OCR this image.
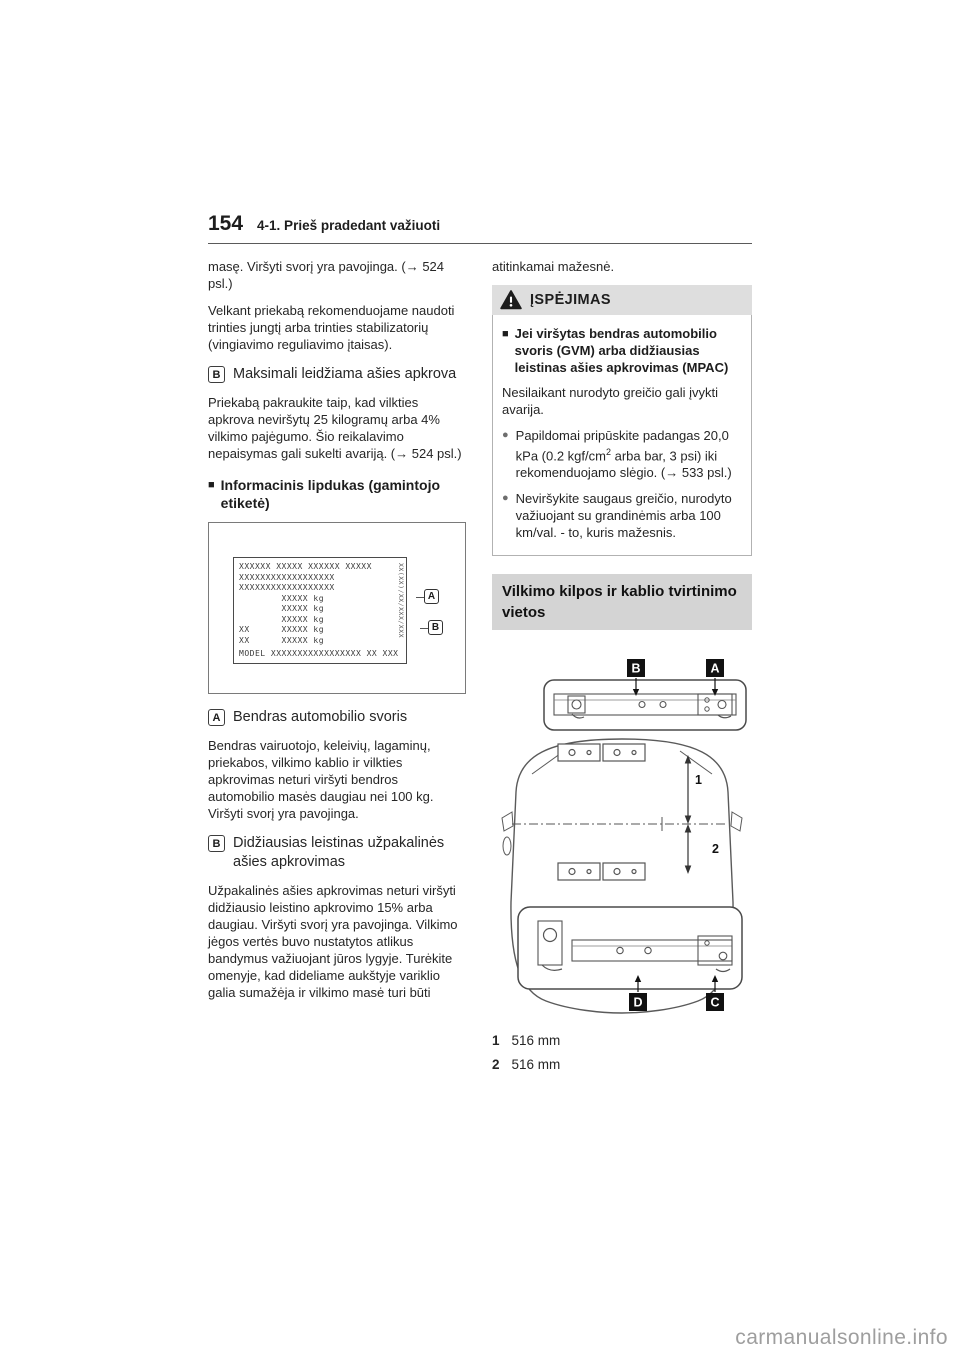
154 4-1. Prieš pradedant važiuoti

masę. Viršyti svorį yra pavojinga. (→ 524 psl.)

Velkant priekabą rekomenduojame naudoti trinties jungtį arba trinties stabilizatorių (vingiavimo reguliavimo įtaisas).

B Maksimali leidžiama ašies apkrova

Priekabą pakraukite taip, kad vilkties apkrova neviršytų 25 kilogramų arba 4% vilkimo pajėgumo. Šio reikalavimo nepaisymas gali sukelti avariją. (→ 524 psl.)

■ Informacinis lipdukas (gamintojo etiketė)
XXXXXX XXXXX XXXXXX XXXXX
XXXXXXXXXXXXXXXXXX
XXXXXXXXXXXXXXXXXX
XXXXX kg
XXXXX kg
XXXXX kg
XX      XXXXX kg
XX      XXXXX kg
MODEL XXXXXXXXXXXXXXXXX XX XXX
XX(XX)/XX/XXX/XXX	A
B
A Bendras automobilio svoris

Bendras vairuotojo, keleivių, lagaminų, priekabos, vilkimo kablio ir vilkties apkrovimas neturi viršyti bendros automobilio masės daugiau nei 100 kg. Viršyti svorį yra pavojinga.

B Didžiausias leistinas užpakalinės ašies apkrovimas

Užpakalinės ašies apkrovimas neturi viršyti didžiausio leistino apkrovimo 15% arba daugiau. Viršyti svorį yra pavojinga. Vilkimo jėgos vertės buvo nustatytos atlikus bandymus važiuojant jūros lygyje. Turėkite omenyje, kad dideliame aukštyje variklio galia sumažėja ir vilkimo masė turi būti

atitinkamai mažesnė.

ĮSPĖJIMAS
■ Jei viršytas bendras automobilio svoris (GVM) arba didžiausias leistinas ašies apkrovimas (MPAC)

Nesilaikant nurodyto greičio gali įvykti avarija.

● Papildomai pripūskite padangas 20,0 kPa (0.2 kgf/$cm^2$ arba bar, 3 psi) iki rekomenduojamo slėgio. (→ 533 psl.)
● Neviršykite saugaus greičio, nurodyto važiuojant su grandinėmis arba 100 km/val. - to, kuris mažesnis.
Vilkimo kilpos ir kablio tvirtinimo vietos
1
2
B	A
D	C
1 516 mm
2 516 mm
carmanualsonline.info
